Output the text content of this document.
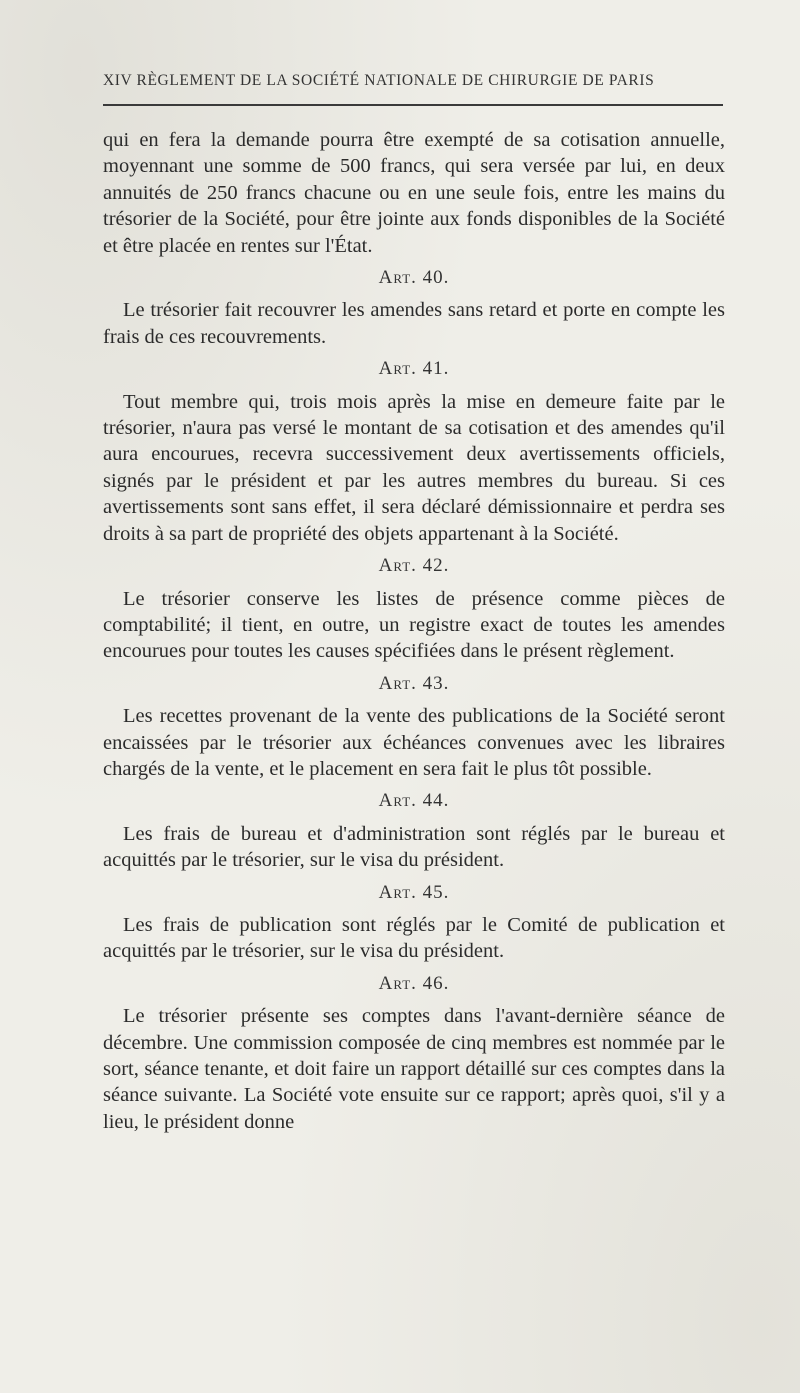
XIV RÈGLEMENT DE LA SOCIÉTÉ NATIONALE DE CHIRURGIE DE PARIS

qui en fera la demande pourra être exempté de sa cotisation annuelle, moyennant une somme de 500 francs, qui sera versée par lui, en deux annuités de 250 francs chacune ou en une seule fois, entre les mains du trésorier de la Société, pour être jointe aux fonds disponibles de la Société et être placée en rentes sur l'État.

Art. 40.

Le trésorier fait recouvrer les amendes sans retard et porte en compte les frais de ces recouvrements.

Art. 41.

Tout membre qui, trois mois après la mise en demeure faite par le trésorier, n'aura pas versé le montant de sa cotisation et des amendes qu'il aura encourues, recevra successivement deux avertissements officiels, signés par le président et par les autres membres du bureau. Si ces avertissements sont sans effet, il sera déclaré démissionnaire et perdra ses droits à sa part de propriété des objets appartenant à la Société.

Art. 42.

Le trésorier conserve les listes de présence comme pièces de comptabilité; il tient, en outre, un registre exact de toutes les amendes encourues pour toutes les causes spécifiées dans le présent règlement.

Art. 43.

Les recettes provenant de la vente des publications de la Société seront encaissées par le trésorier aux échéances convenues avec les libraires chargés de la vente, et le placement en sera fait le plus tôt possible.

Art. 44.

Les frais de bureau et d'administration sont réglés par le bureau et acquittés par le trésorier, sur le visa du président.

Art. 45.

Les frais de publication sont réglés par le Comité de publication et acquittés par le trésorier, sur le visa du président.

Art. 46.

Le trésorier présente ses comptes dans l'avant-dernière séance de décembre. Une commission composée de cinq membres est nommée par le sort, séance tenante, et doit faire un rapport détaillé sur ces comptes dans la séance suivante. La Société vote ensuite sur ce rapport; après quoi, s'il y a lieu, le président donne
